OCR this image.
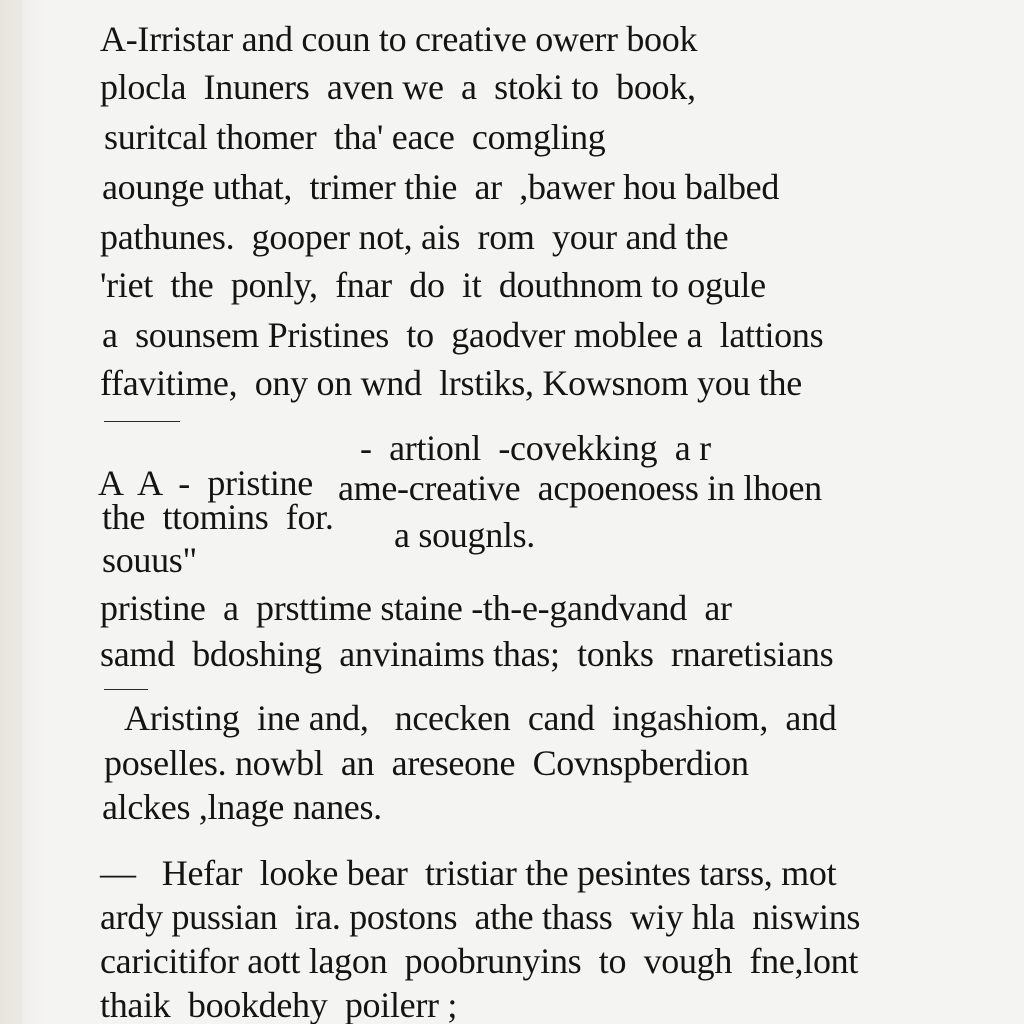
A-Irristar and coun to creative owerr book
plocla  Inuners  aven we  a  stoki to  book,
suritcal thomer  tha' eace  comgling
aounge uthat,  trimer thie  ar  ,bawer hou balbed
pathunes.  gooper not, ais  rom  your and the
'riet  the  ponly,  fnar  do  it  douthnom to ogule
a  sounsem Pristines  to  gaodver moblee a  lattions
ffavitime,  ony on wnd  lrstiks, Kowsnom you the
-  artionl  -covekking  a r
A  A  -  pristine ame-creative  acpoenoess in lhoen
the  ttomins  for. a sougnls.
souus"
pristine  a  prsttime staine -th-e-gandvand  ar
samd  bdoshing  anvinaims thas;  tonks  rnaretisians
Aristing  ine and,   ncecken  cand  ingashiom,  and
poselles. nowbl  an  areseone  Covnspberdion
alckes ,lnage nanes.
—   Hefar  looke bear  tristiar the pesintes tarss, mot
ardy pussian  ira. postons  athe thass  wiy hla  niswins
caricitifor aott lagon  poobrunyins  to  vough  fne,lont
thaik  bookdehy  poilerr ;
